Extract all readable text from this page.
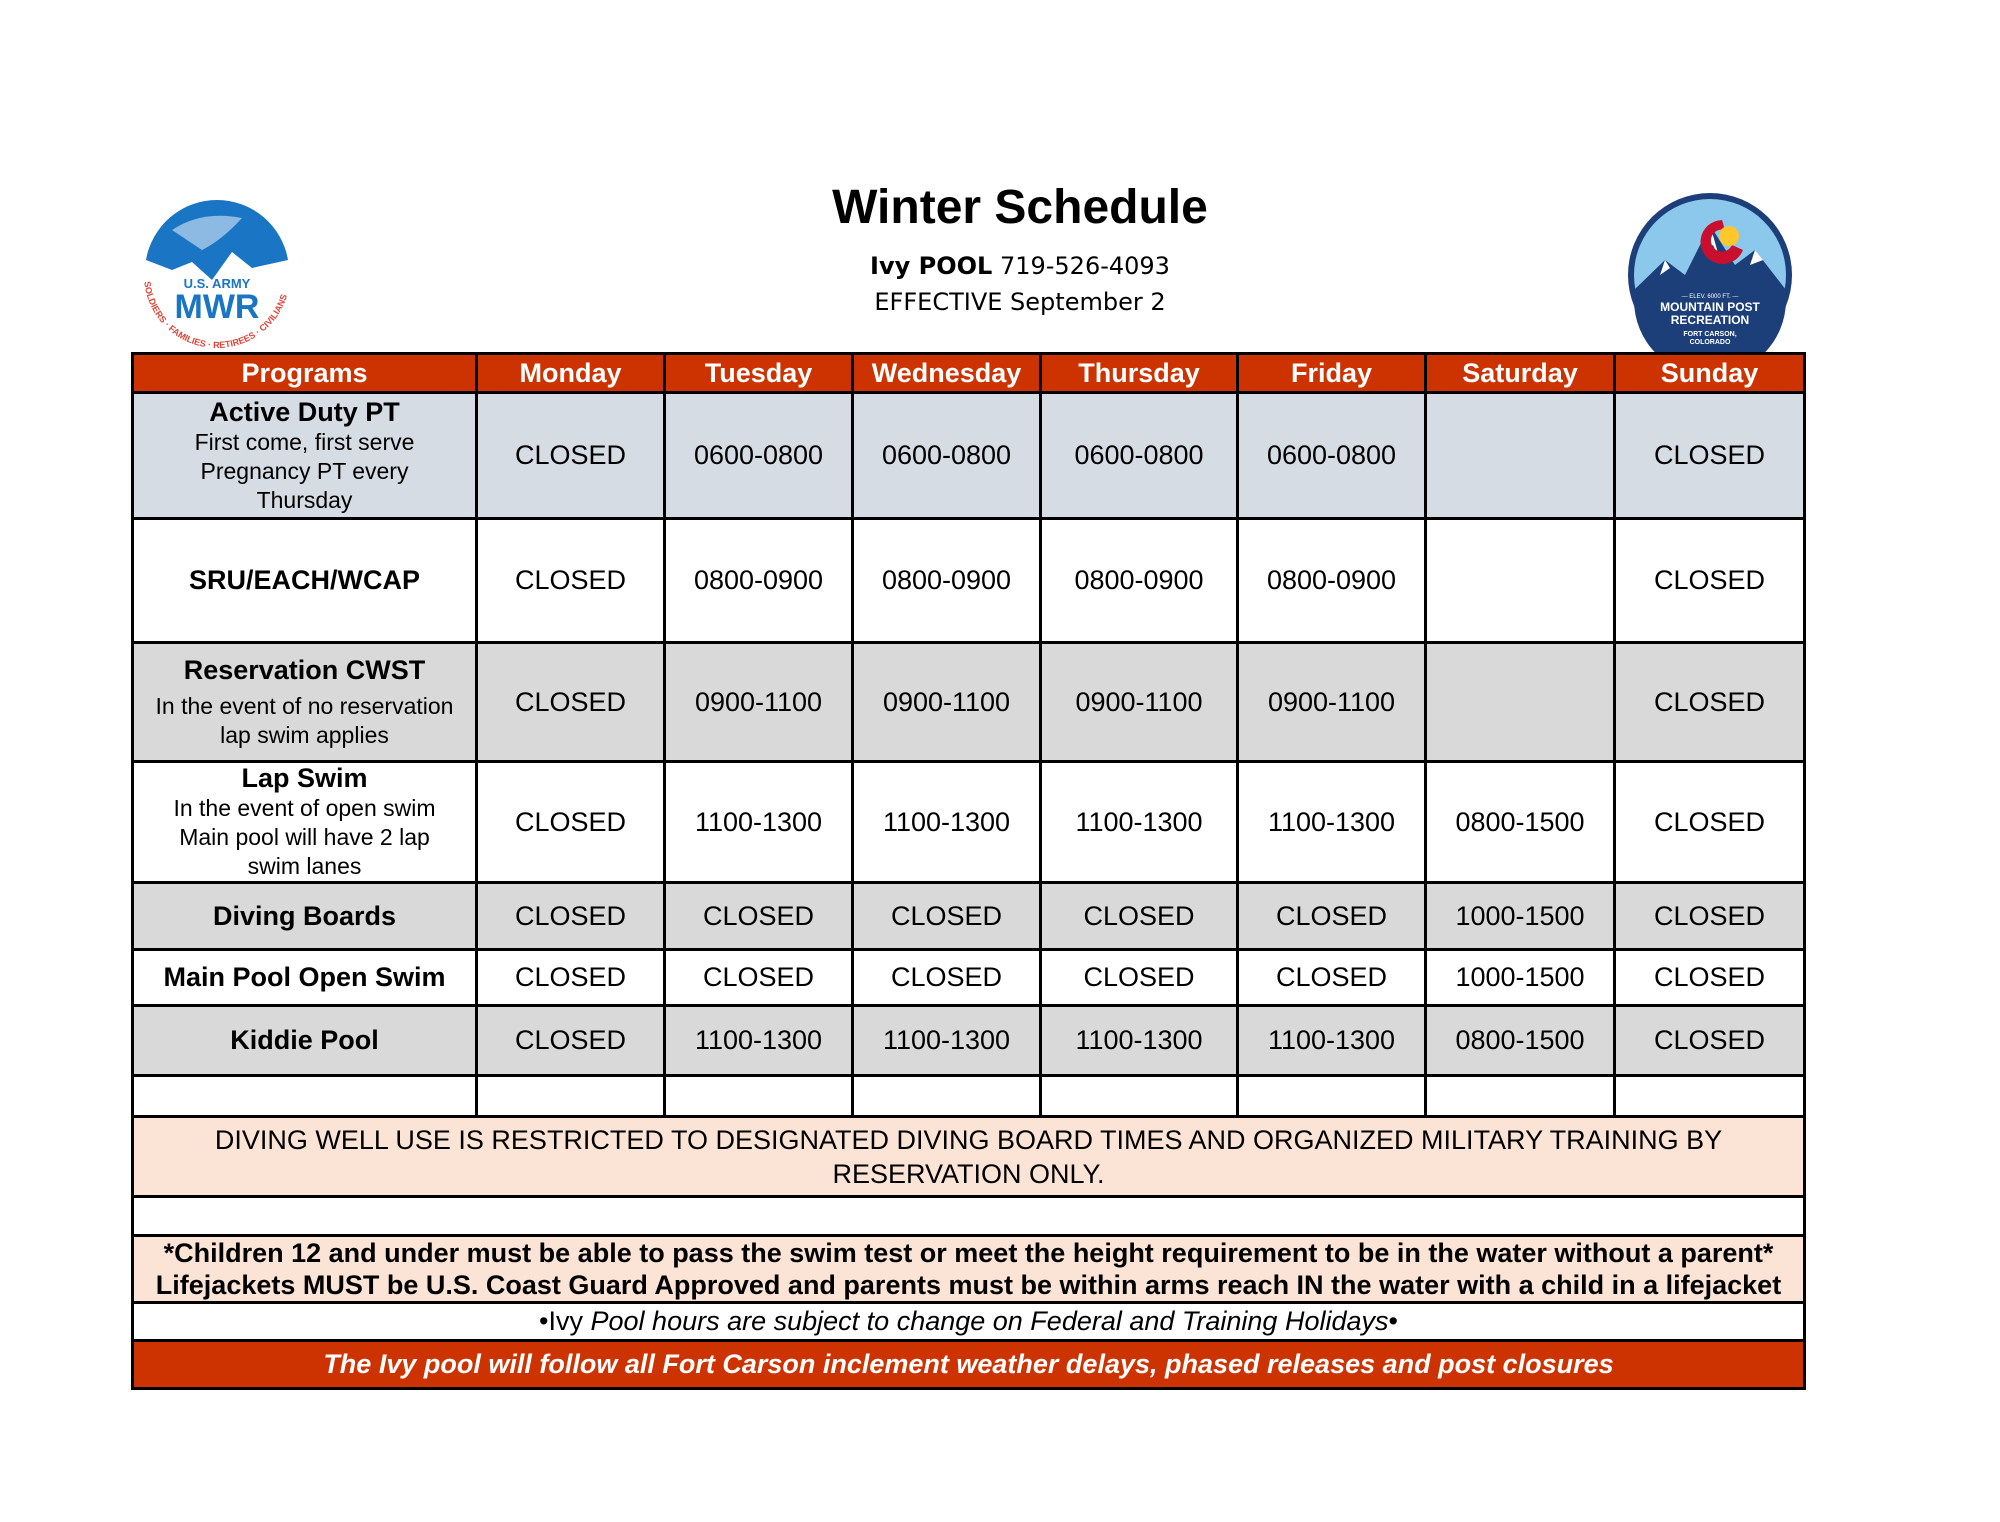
Winter Schedule
Ivy POOL 719-526-4093
EFFECTIVE September 2
U.S. ARMY
MWR
SOLDIERS · FAMILIES · RETIREES · CIVILIANS	— ELEV. 6000 FT. —
MOUNTAIN POST
RECREATION
FORT CARSON,
COLORADO
Programs	Monday	Tuesday	Wednesday	Thursday	Friday	Saturday	Sunday

Active Duty PT
First come, first serve
Pregnancy PT every
Thursday	CLOSED	0600-0800	0600-0800	0600-0800	0600-0800		CLOSED

SRU/EACH/WCAP	CLOSED	0800-0900	0800-0900	0800-0900	0800-0900		CLOSED

Reservation CWST
In the event of no reservation
lap swim applies	CLOSED	0900-1100	0900-1100	0900-1100	0900-1100		CLOSED

Lap Swim
In the event of open swim
Main pool will have 2 lap
swim lanes	CLOSED	1100-1300	1100-1300	1100-1300	1100-1300	0800-1500	CLOSED

Diving Boards	CLOSED	CLOSED	CLOSED	CLOSED	CLOSED	1000-1500	CLOSED

Main Pool Open Swim	CLOSED	CLOSED	CLOSED	CLOSED	CLOSED	1000-1500	CLOSED

Kiddie Pool	CLOSED	1100-1300	1100-1300	1100-1300	1100-1300	0800-1500	CLOSED

DIVING WELL USE IS RESTRICTED TO DESIGNATED DIVING BOARD TIMES AND ORGANIZED MILITARY TRAINING BY RESERVATION ONLY.							

*Children 12 and under must be able to pass the swim test or meet the height requirement to be in the water without a parent*
Lifejackets MUST be U.S. Coast Guard Approved and parents must be within arms reach IN the water with a child in a lifejacket							

•Ivy Pool hours are subject to change on Federal and Training Holidays•							
The Ivy pool will follow all Fort Carson inclement weather delays, phased releases and post closures							
